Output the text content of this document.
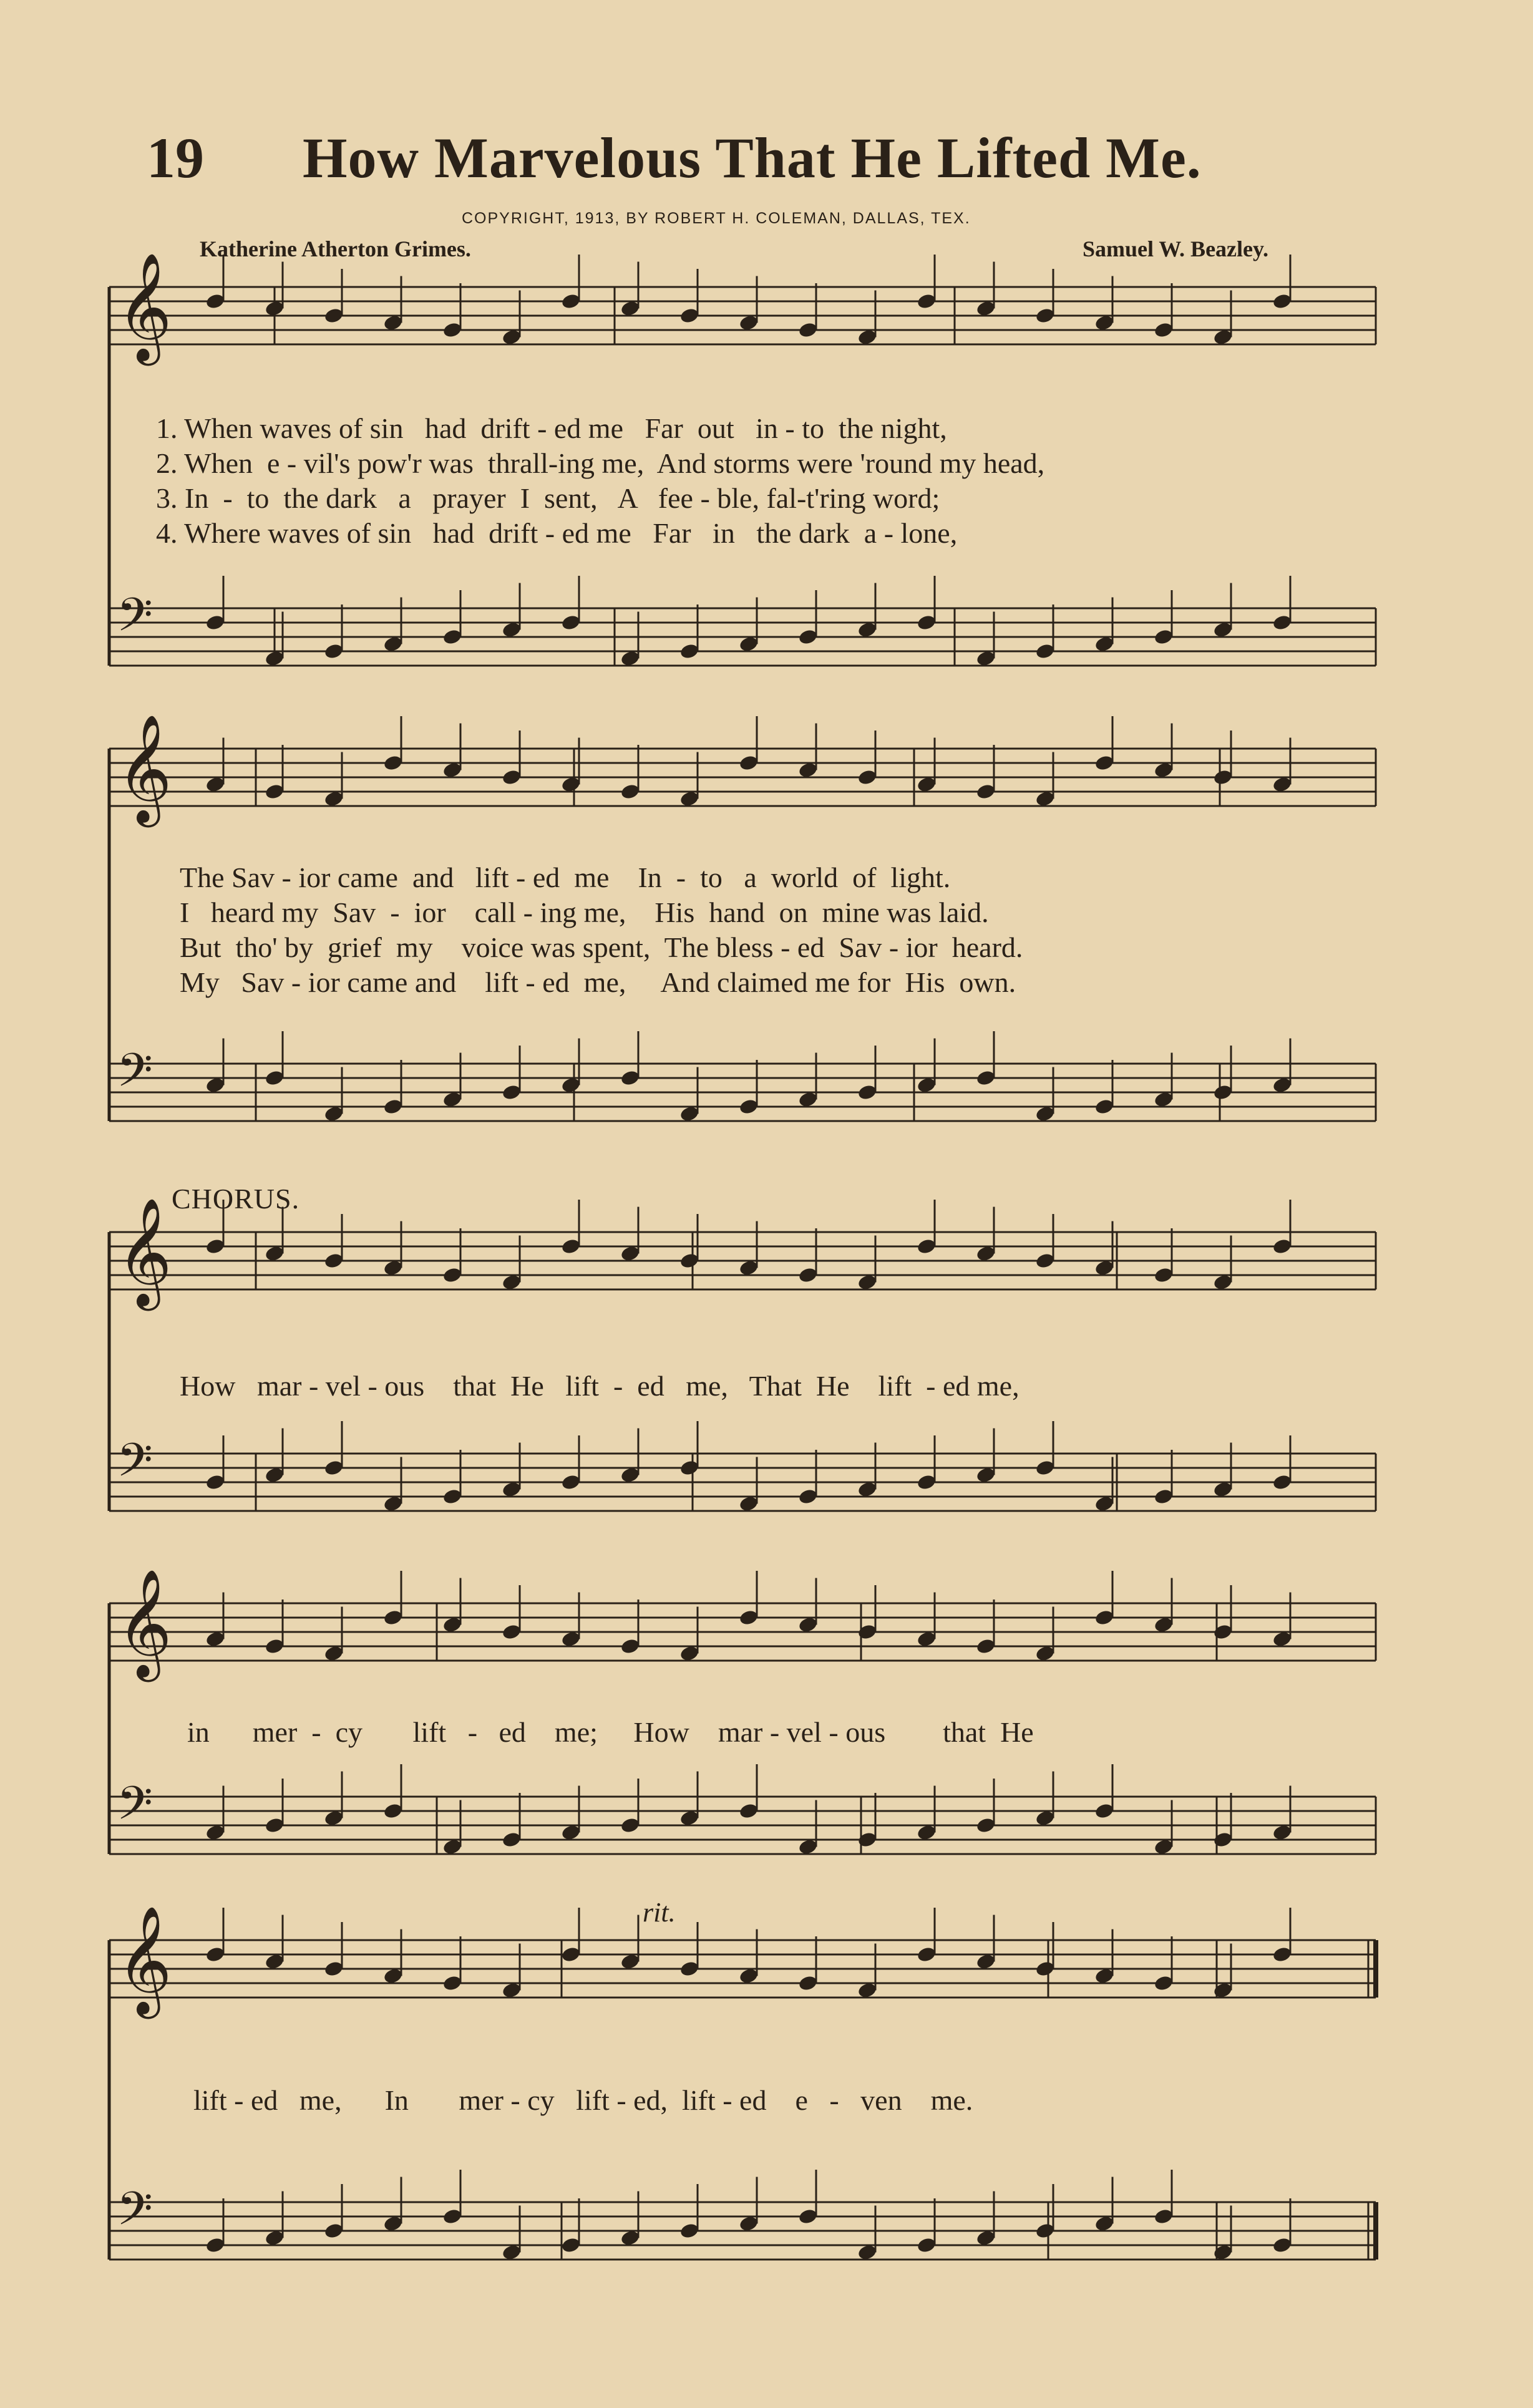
19 How Marvelous That He Lifted Me.
COPYRIGHT, 1913, BY ROBERT H. COLEMAN, DALLAS, TEX.
Katherine Atherton Grimes.	Samuel W. Beazley.
𝄞
𝄢
𝄞
𝄢
𝄞
𝄢
𝄞
𝄢
𝄞
𝄢
1. When waves of sin   had  drift - ed me   Far  out   in - to  the night,
2. When  e - vil's pow'r was  thrall-ing me,  And storms were 'round my head,
3. In  -  to  the dark   a   prayer  I  sent,   A   fee - ble, fal-t'ring word;
4. Where waves of sin   had  drift - ed me   Far   in   the dark  a - lone,
The Sav - ior came  and   lift - ed  me    In  -  to   a  world  of  light.
I   heard my  Sav  -  ior    call - ing me,    His  hand  on  mine was laid.
But  tho' by  grief  my    voice was spent,  The bless - ed  Sav - ior  heard.
My   Sav - ior came and    lift - ed  me,     And claimed me for  His  own.
CHORUS.
How   mar - vel - ous    that  He   lift  -  ed   me,   That  He    lift  - ed me,
in      mer  -  cy       lift   -   ed    me;     How    mar - vel - ous        that  He
rit.
lift - ed   me,      In       mer - cy   lift - ed,  lift - ed    e   -   ven    me.
